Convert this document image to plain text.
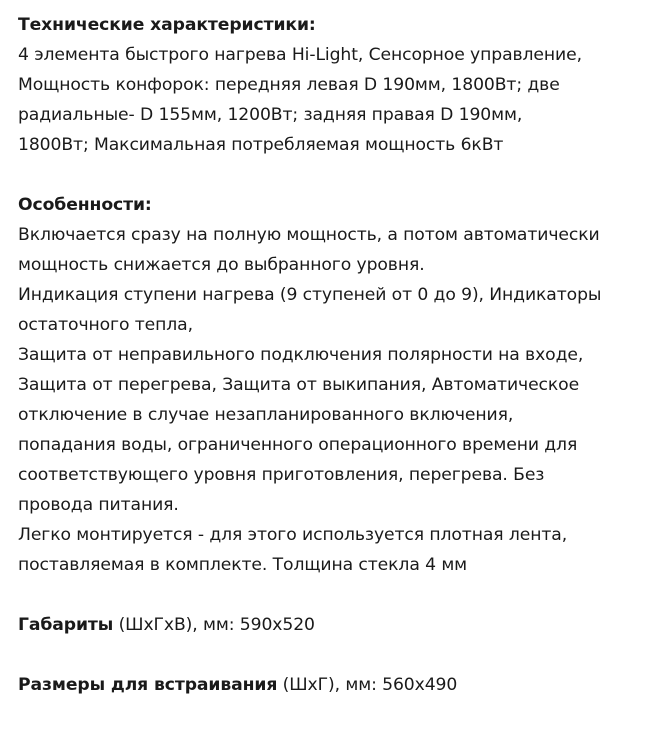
Технические характеристики:
4 элемента быстрого нагрева Hi-Light, Сенсорное управление,
Мощность конфорок: передняя левая D 190мм, 1800Вт; две
радиальные- D 155мм, 1200Вт; задняя правая D 190мм,
1800Вт; Максимальная потребляемая мощность 6кВт
Особенности:
Включается сразу на полную мощность, а потом автоматически
мощность снижается до выбранного уровня.
Индикация ступени нагрева (9 ступеней от 0 до 9), Индикаторы
остаточного тепла,
Защита от неправильного подключения полярности на входе,
Защита от перегрева, Защита от выкипания, Автоматическое
отключение в случае незапланированного включения,
попадания воды, ограниченного операционного времени для
соответствующего уровня приготовления, перегрева. Без
провода питания.
Легко монтируется - для этого используется плотная лента,
поставляемая в комплекте. Толщина стекла 4 мм
Габариты (ШхГхВ), мм: 590х520
Размеры для встраивания (ШхГ), мм: 560х490
